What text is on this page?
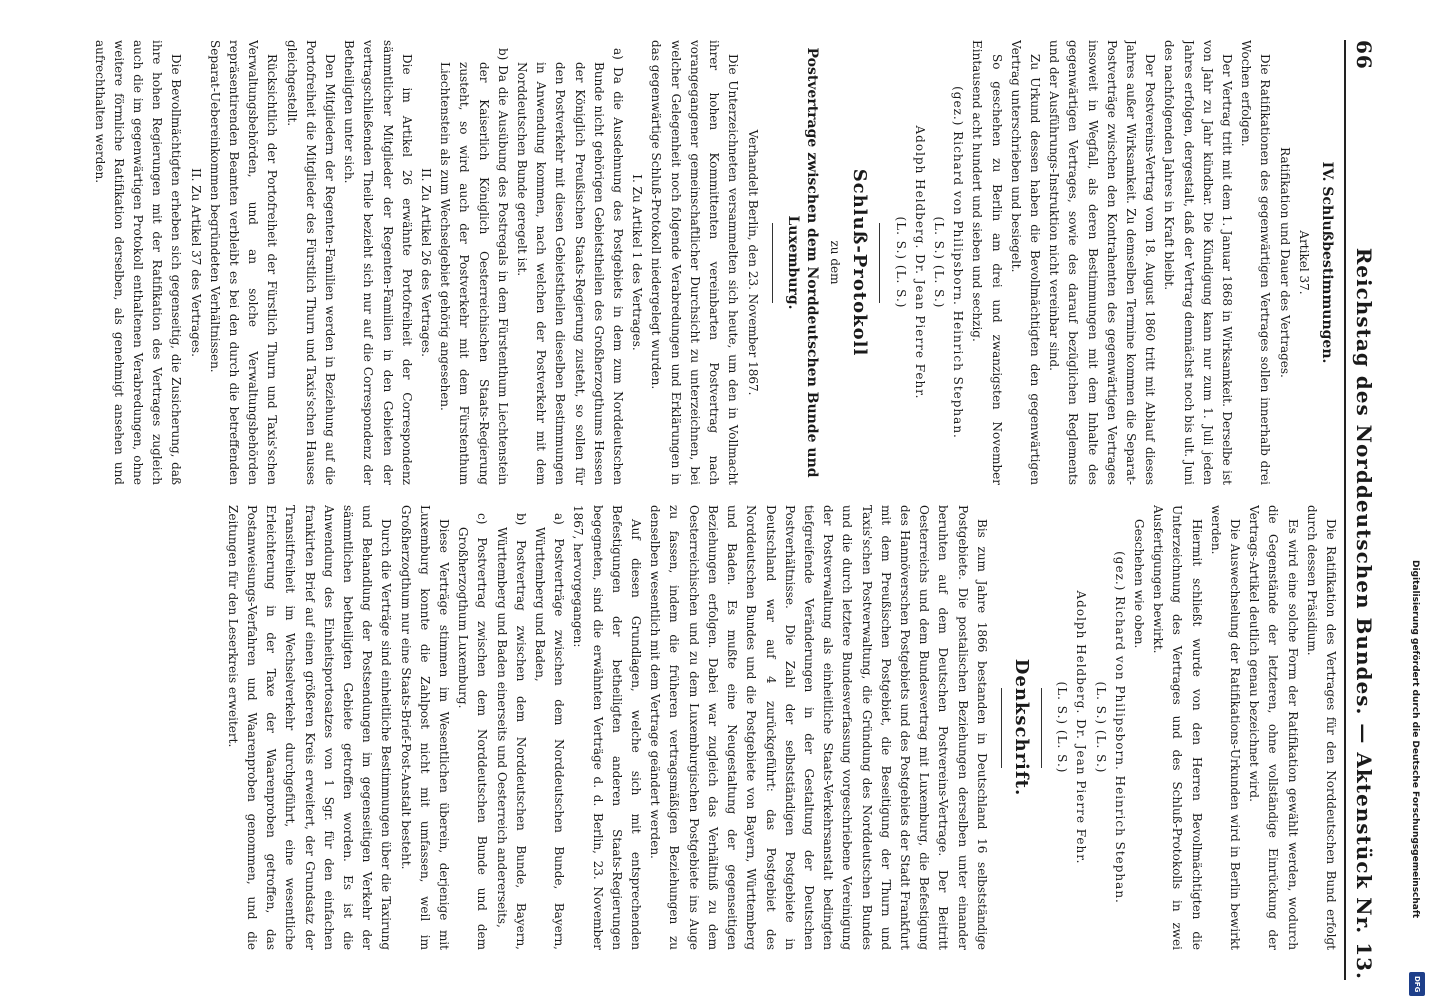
66
Reichstag des Norddeutschen Bundes. — Aktenstück Nr. 13.

IV. Schlußbestimmungen.

Artikel 37.

Ratifikation und Dauer des Vertrages.

Die Ratifikationen des gegenwärtigen Vertrages sollen innerhalb drei Wochen erfolgen.

Der Vertrag tritt mit dem 1. Januar 1868 in Wirksamkeit. Derselbe ist von Jahr zu Jahr kündbar. Die Kündigung kann nur zum 1. Juli jeden Jahres erfolgen, dergestalt, daß der Vertrag demnächst noch bis ult. Juni des nachfolgenden Jahres in Kraft bleibt.

Der Postvereins-Vertrag vom 18. August 1860 tritt mit Ablauf dieses Jahres außer Wirksamkeit. Zu demselben Termine kommen die Separat-Postverträge zwischen den Kontrahenten des gegenwärtigen Vertrages insoweit in Wegfall, als deren Bestimmungen mit dem Inhalte des gegenwärtigen Vertrages, sowie des darauf bezüglichen Reglements und der Ausführungs-Instruktion nicht vereinbar sind.

Zu Urkund dessen haben die Bevollmächtigten den gegenwärtigen Vertrag unterschrieben und besiegelt.

So geschehen zu Berlin am drei und zwanzigsten November Eintausend acht hundert und sieben und sechzig.

(gez.) Richard von Philipsborn. Heinrich Stephan.

(L. S.) (L. S.)

Adolph Heldberg. Dr. Jean Pierre Fehr.

(L. S.) (L. S.)

Schluß-Protokoll

zu dem

Postvertrage zwischen dem Norddeutschen Bunde und Luxemburg.

Verhandelt Berlin, den 23. November 1867.

Die Unterzeichneten versammelten sich heute, um den in Vollmacht ihrer hohen Kommittenten vereinbarten Postvertrag nach vorangegangener gemeinschaftlicher Durchsicht zu unterzeichnen, bei welcher Gelegenheit noch folgende Verabredungen und Erklärungen in das gegenwärtige Schluß-Protokoll niedergelegt wurden.

I. Zu Artikel 1 des Vertrages.

a) Da die Ausdehnung des Postgebiets in dem zum Norddeutschen Bunde nicht gehörigen Gebietstheilen des Großherzogthums Hessen der Königlich Preußischen Staats-Regierung zusteht, so sollen für den Postverkehr mit diesen Gebietstheilen dieselben Bestimmungen in Anwendung kommen, nach welchen der Postverkehr mit dem Norddeutschen Bunde geregelt ist.

b) Da die Ausübung des Postregals in dem Fürstenthum Liechtenstein der Kaiserlich Königlich Oesterreichischen Staats-Regierung zusteht, so wird auch der Postverkehr mit dem Fürstenthum Liechtenstein als zum Wechselgebiet gehörig angesehen.

II. Zu Artikel 26 des Vertrages.

Die im Artikel 26 erwähnte Portofreiheit der Correspondenz sämmtlicher Mitglieder der Regenten-Familien in den Gebieten der vertragschließenden Theile bezieht sich nur auf die Correspondenz der Betheiligten unter sich.

Den Mitgliedern der Regenten-Familien werden in Beziehung auf die Portofreiheit die Mitglieder des Fürstlich Thurn und Taxis'schen Hauses gleichgestellt.

Rücksichtlich der Portofreiheit der Fürstlich Thurn und Taxis'schen Verwaltungsbehörden, und an solche Verwaltungsbehörden repräsentirenden Beamten verbleibt es bei den durch die betreffenden Separat-Uebereinkommen begründeten Verhältnissen.

II. Zu Artikel 37 des Vertrages.

Die Bevollmächtigten erheben sich gegenseitig, die Zusicherung, daß ihre hohen Regierungen mit der Ratifikation des Vertrages zugleich auch die im gegenwärtigen Protokoll enthaltenen Verabredungen, ohne weitere förmliche Ratifikation derselben, als genehmigt ansehen und aufrechthalten werden.

Die Ratifikation des Vertrages für den Norddeutschen Bund erfolgt durch dessen Präsidium.

Es wird eine solche Form der Ratifikation gewählt werden, wodurch die Gegenstände der letzteren, ohne vollständige Einrückung der Vertrags-Artikel deutlich genau bezeichnet wird.

Die Auswechselung der Ratifikations-Urkunden wird in Berlin bewirkt werden.

Hiermit schließt wurde von den Herren Bevollmächtigten die Unterzeichnung des Vertrages und des Schluß-Protokolls in zwei Ausfertigungen bewirkt.

Geschehen wie oben.

(gez.) Richard von Philipsborn. Heinrich Stephan.

(L. S.) (L. S.)

Adolph Heldberg. Dr. Jean Pierre Fehr.

(L. S.) (L. S.)

Denkschrift.

Bis zum Jahre 1866 bestanden in Deutschland 16 selbstständige Postgebiete. Die postalischen Beziehungen derselben unter einander beruhten auf dem Deutschen Postvereins-Vertrage. Der Beitritt Oesterreichs und dem Bundesvertrag mit Luxemburg, die Befestigung des Hannöverschen Postgebiets und des Postgebiets der Stadt Frankfurt mit dem Preußischen Postgebiet, die Beseitigung der Thurn und Taxis'schen Postverwaltung, die Gründung des Norddeutschen Bundes und die durch letztere Bundesverfassung vorgeschriebene Vereinigung der Postverwaltung als einheitliche Staats-Verkehrsanstalt bedingten tiefgreifende Veränderungen in der Gestaltung der Deutschen Postverhältnisse. Die Zahl der selbstständigen Postgebiete in Deutschland war auf 4 zurückgeführt: das Postgebiet des Norddeutschen Bundes und die Postgebiete von Bayern, Württemberg und Baden. Es mußte eine Neugestaltung der gegenseitigen Beziehungen erfolgen. Dabei war zugleich das Verhältniß zu dem Oesterreichischen und zu dem Luxemburgischen Postgebiete ins Auge zu fassen, indem die früheren vertragsmäßigen Beziehungen zu denselben wesentlich mit dem Vertrage geändert werden.

Auf diesen Grundlagen, welche sich mit entsprechenden Befestigungen der betheiligten anderen Staats-Regierungen begegneten, sind die erwähnten Verträge d. d. Berlin, 23. November 1867, hervorgegangen:

a) Postverträge zwischen dem Norddeutschen Bunde, Bayern, Württemberg und Baden,

b) Postvertrag zwischen dem Norddeutschen Bunde, Bayern, Württemberg und Baden einerseits und Oesterreich andererseits,

c) Postvertrag zwischen dem Norddeutschen Bunde und dem Großherzogthum Luxemburg.

Diese Verträge stimmen im Wesentlichen überein, derjenige mit Luxemburg konnte die Zahlpost nicht mit umfassen, weil im Großherzogthum nur eine Staats-Brief-Post-Anstalt besteht.

Durch die Verträge sind einheitliche Bestimmungen über die Taxirung und Behandlung der Postsendungen im gegenseitigen Verkehr der sämmtlichen betheiligten Gebiete getroffen worden. Es ist die Anwendung des Einheitsportosatzes von 1 Sgr. für den einfachen frankirten Brief auf einen größeren Kreis erweitert, der Grundsatz der Transitfreiheit im Wechselverkehr durchgeführt, eine wesentliche Erleichterung in der Taxe der Waarenproben getroffen, das Postanweisungs-Verfahren und Waarenproben genommen, und die Zeitungen für den Leserkreis erweitert.	Digitalisierung gefördert durch die Deutsche Forschungsgemeinschaft
DFG
